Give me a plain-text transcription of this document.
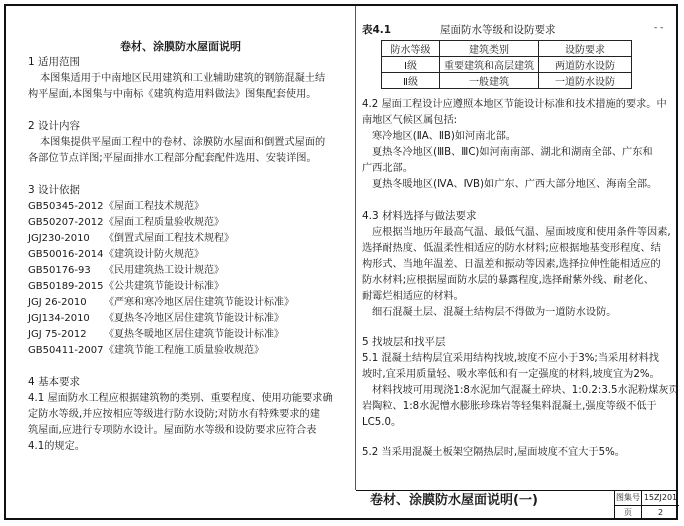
卷材、涂膜防水屋面说明
1 适用范围
本图集适用于中南地区民用建筑和工业辅助建筑的钢筋混凝土结
构平屋面,本图集与中南标《建筑构造用料做法》图集配套使用。
2 设计内容
本图集提供平屋面工程中的卷材、涂膜防水屋面和倒置式屋面的
各部位节点详图;平屋面排水工程部分配套配件选用、安装详图。
3 设计依据
GB50345-2012 《屋面工程技术规范》
GB50207-2012 《屋面工程质量验收规范》
JGJ230-2010 《倒置式屋面工程技术规程》
GB50016-2014 《建筑设计防火规范》
GB50176-93 《民用建筑热工设计规范》
GB50189-2015 《公共建筑节能设计标准》
JGJ 26-2010 《严寒和寒冷地区居住建筑节能设计标准》
JGJ134-2010 《夏热冬冷地区居住建筑节能设计标准》
JGJ 75-2012 《夏热冬暖地区居住建筑节能设计标准》
GB50411-2007 《建筑节能工程施工质量验收规范》
4 基本要求
4.1 屋面防水工程应根据建筑物的类别、重要程度、使用功能要求确
定防水等级,并应按相应等级进行防水设防;对防水有特殊要求的建
筑屋面,应进行专项防水设计。屋面防水等级和设防要求应符合表
4.1的规定。
- -
表4.1	屋面防水等级和设防要求
防水等级	建筑类别	设防要求
Ⅰ级	重要建筑和高层建筑	两道防水设防
Ⅱ级	一般建筑	一道防水设防
4.2 屋面工程设计应遵照本地区节能设计标准和技术措施的要求。中
南地区气候区属包括:
寒冷地区(ⅡA、ⅡB)如河南北部。
夏热冬冷地区(ⅢB、ⅢC)如河南南部、湖北和湖南全部、广东和
广西北部。
夏热冬暖地区(ⅣA、ⅣB)如广东、广西大部分地区、海南全部。
4.3 材料选择与做法要求
应根据当地历年最高气温、最低气温、屋面坡度和使用条件等因素,
选择耐热度、低温柔性相适应的防水材料;应根据地基变形程度、结
构形式、当地年温差、日温差和振动等因素,选择拉伸性能相适应的
防水材料;应根据屋面防水层的暴露程度,选择耐紫外线、耐老化、
耐霉烂相适应的材料。
细石混凝土层、混凝土结构层不得做为一道防水设防。
5 找坡层和找平层
5.1 混凝土结构层宜采用结构找坡,坡度不应小于3%;当采用材料找
坡时,宜采用质量轻、吸水率低和有一定强度的材料,坡度宜为2%。
材料找坡可用现浇1:8水泥加气混凝土碎块、1:0.2:3.5水泥粉煤灰页
岩陶粒、1:8水泥憎水膨胀珍珠岩等轻集料混凝土,强度等级不低于
LC5.0。
5.2 当采用混凝土板架空隔热层时,屋面坡度不宜大于5%。
卷材、涂膜防水屋面说明(一)	图集号 15ZJ201
页	2
